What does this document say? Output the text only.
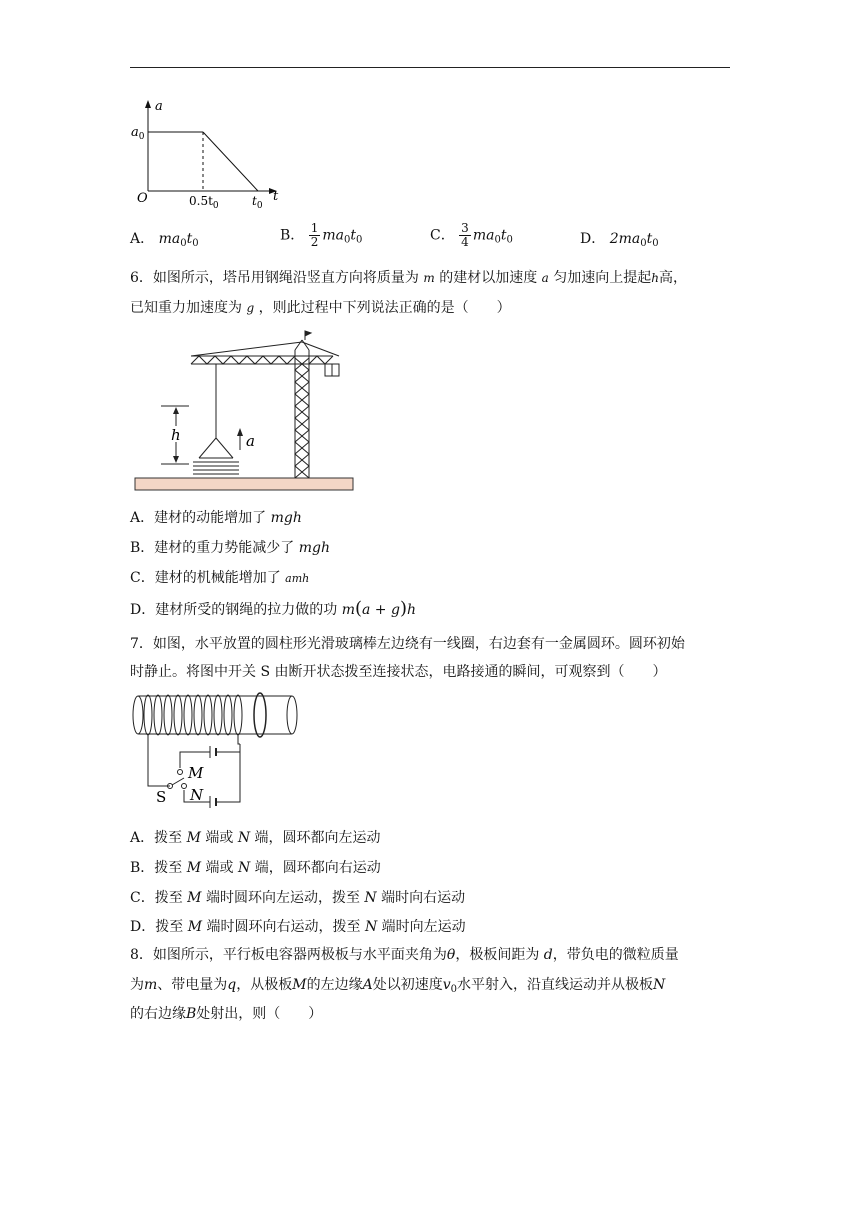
a
t
O
$a_0$
$0.5t_0$	$t_0$
A． $ma_0t_0$	B． $\frac{1}{2} ma_0t_0$	C． $\frac{3}{4} ma_0t_0$	D． $2ma_0t_0$
6．如图所示，塔吊用钢绳沿竖直方向将质量为 m 的建材以加速度 a 匀加速向上提起h高，
已知重力加速度为 g ，则此过程中下列说法正确的是（　　）
h	a
A．建材的动能增加了 mgh
B．建材的重力势能减少了 mgh
C．建材的机械能增加了 amh
D．建材所受的钢绳的拉力做的功 m(a + g)h
7．如图，水平放置的圆柱形光滑玻璃棒左边绕有一线圈，右边套有一金属圆环。圆环初始
时静止。将图中开关 S 由断开状态拨至连接状态，电路接通的瞬间，可观察到（　　）
M
N
S
A．拨至 M 端或 N 端，圆环都向左运动
B．拨至 M 端或 N 端，圆环都向右运动
C．拨至 M 端时圆环向左运动，拨至 N 端时向右运动
D．拨至 M 端时圆环向右运动，拨至 N 端时向左运动
8．如图所示，平行板电容器两极板与水平面夹角为θ，极板间距为 d，带负电的微粒质量
为m、带电量为q，从极板M的左边缘A处以初速度$v_0$水平射入，沿直线运动并从极板N
的右边缘B处射出，则（　　）
